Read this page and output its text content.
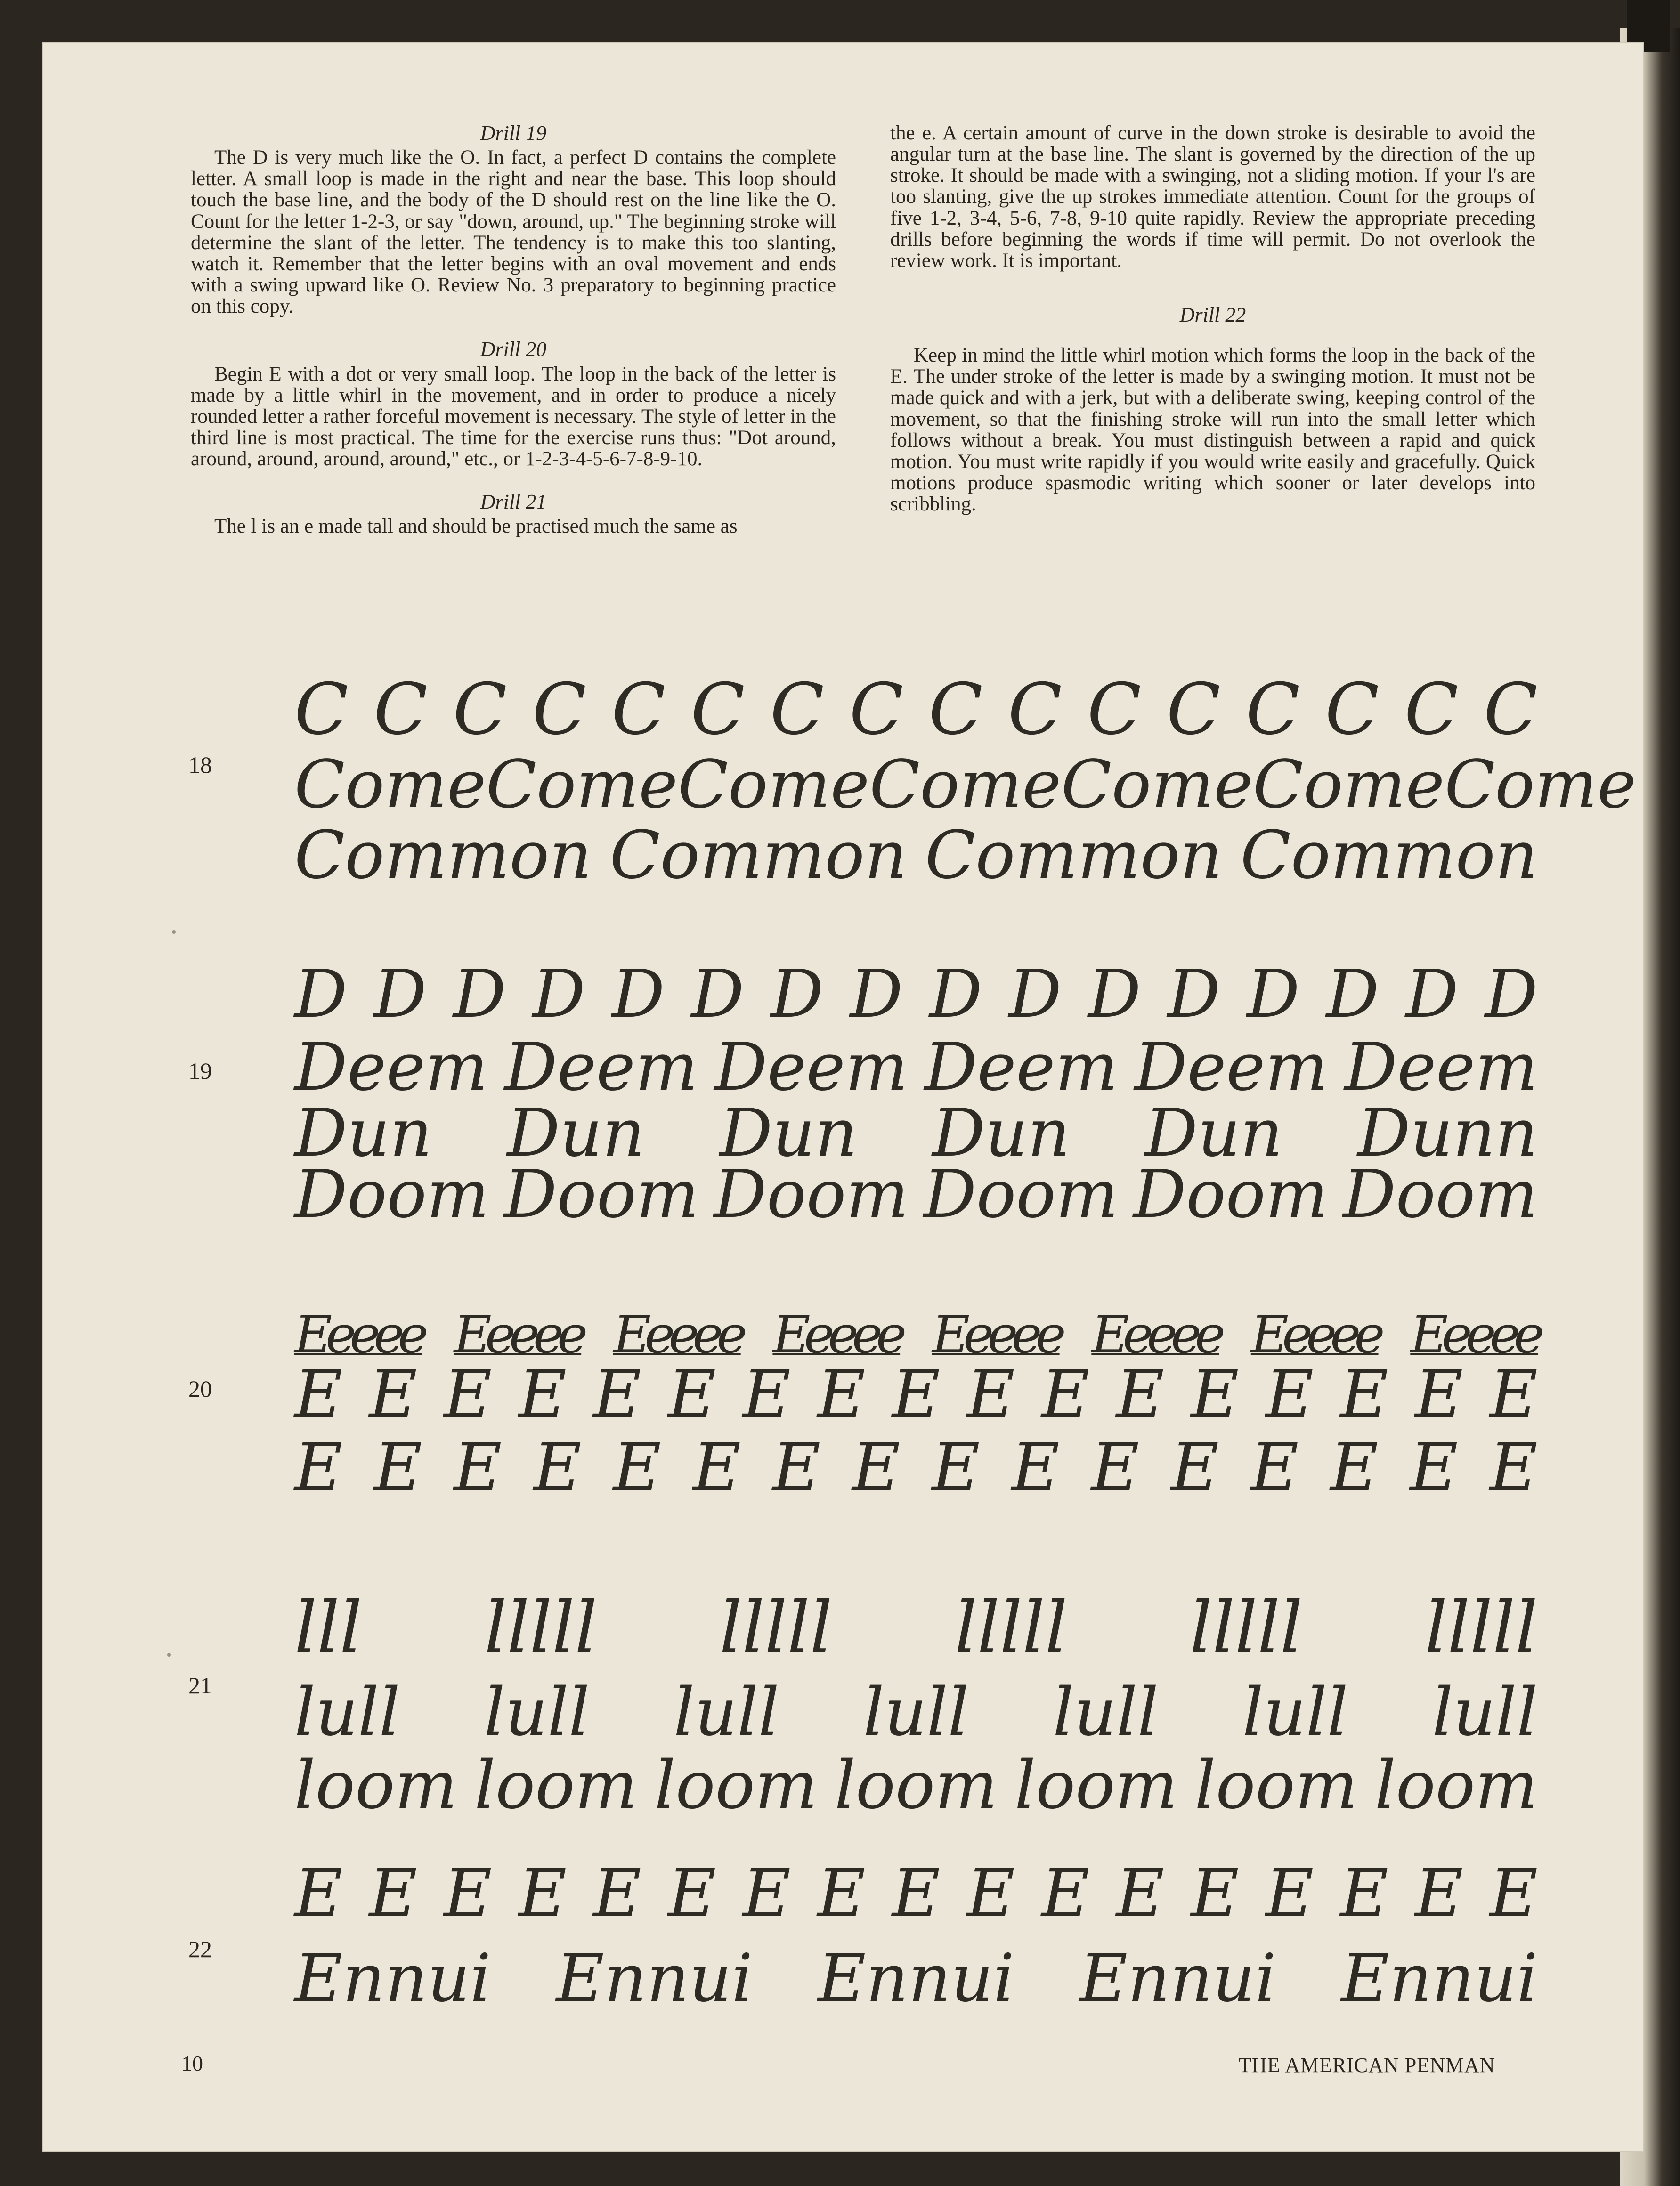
Drill 19

The D is very much like the O. In fact, a perfect D contains the complete letter. A small loop is made in the right and near the base. This loop should touch the base line, and the body of the D should rest on the line like the O. Count for the letter 1-2-3, or say "down, around, up." The beginning stroke will determine the slant of the letter. The tendency is to make this too slanting, watch it. Remember that the letter begins with an oval movement and ends with a swing upward like O. Review No. 3 preparatory to beginning practice on this copy.

Drill 20

Begin E with a dot or very small loop. The loop in the back of the letter is made by a little whirl in the movement, and in order to produce a nicely rounded letter a rather forceful movement is necessary. The style of letter in the third line is most practical. The time for the exercise runs thus: "Dot around, around, around, around, around," etc., or 1-2-3-4-5-6-7-8-9-10.

Drill 21

The l is an e made tall and should be practised much the same as

the e. A certain amount of curve in the down stroke is desirable to avoid the angular turn at the base line. The slant is governed by the direction of the up stroke. It should be made with a swinging, not a sliding motion. If your l's are too slanting, give the up strokes immediate attention. Count for the groups of five 1-2, 3-4, 5-6, 7-8, 9-10 quite rapidly. Review the appropriate preceding drills before beginning the words if time will permit. Do not overlook the review work. It is important.

Drill 22

Keep in mind the little whirl motion which forms the loop in the back of the E. The under stroke of the letter is made by a swinging motion. It must not be made quick and with a jerk, but with a deliberate swing, keeping control of the movement, so that the finishing stroke will run into the small letter which follows without a break. You must distinguish between a rapid and quick motion. You must write rapidly if you would write easily and gracefully. Quick motions produce spasmodic writing which sooner or later develops into scribbling.

18
C C C C C C C C C C C C C C C C
Come Come Come Come Come Come Come
Common Common Common Common
19
D D D D D D D D D D D D D D D D
Deem Deem Deem Deem Deem Deem
Dun Dun Dun Dun Dun Dunn
Doom Doom Doom Doom Doom Doom
20
Eeeee Eeeee Eeeee Eeeee Eeeee Eeeee Eeeee Eeeee
E E E E E E E E E E E E E E E E E
E E E E E E E E E E E E E E E E
21
lll lllll lllll lllll lllll lllll
lull lull lull lull lull lull lull
loom loom loom loom loom loom loom
22
E E E E E E E E E E E E E E E E E
Ennui Ennui Ennui Ennui Ennui
10	THE AMERICAN PENMAN
